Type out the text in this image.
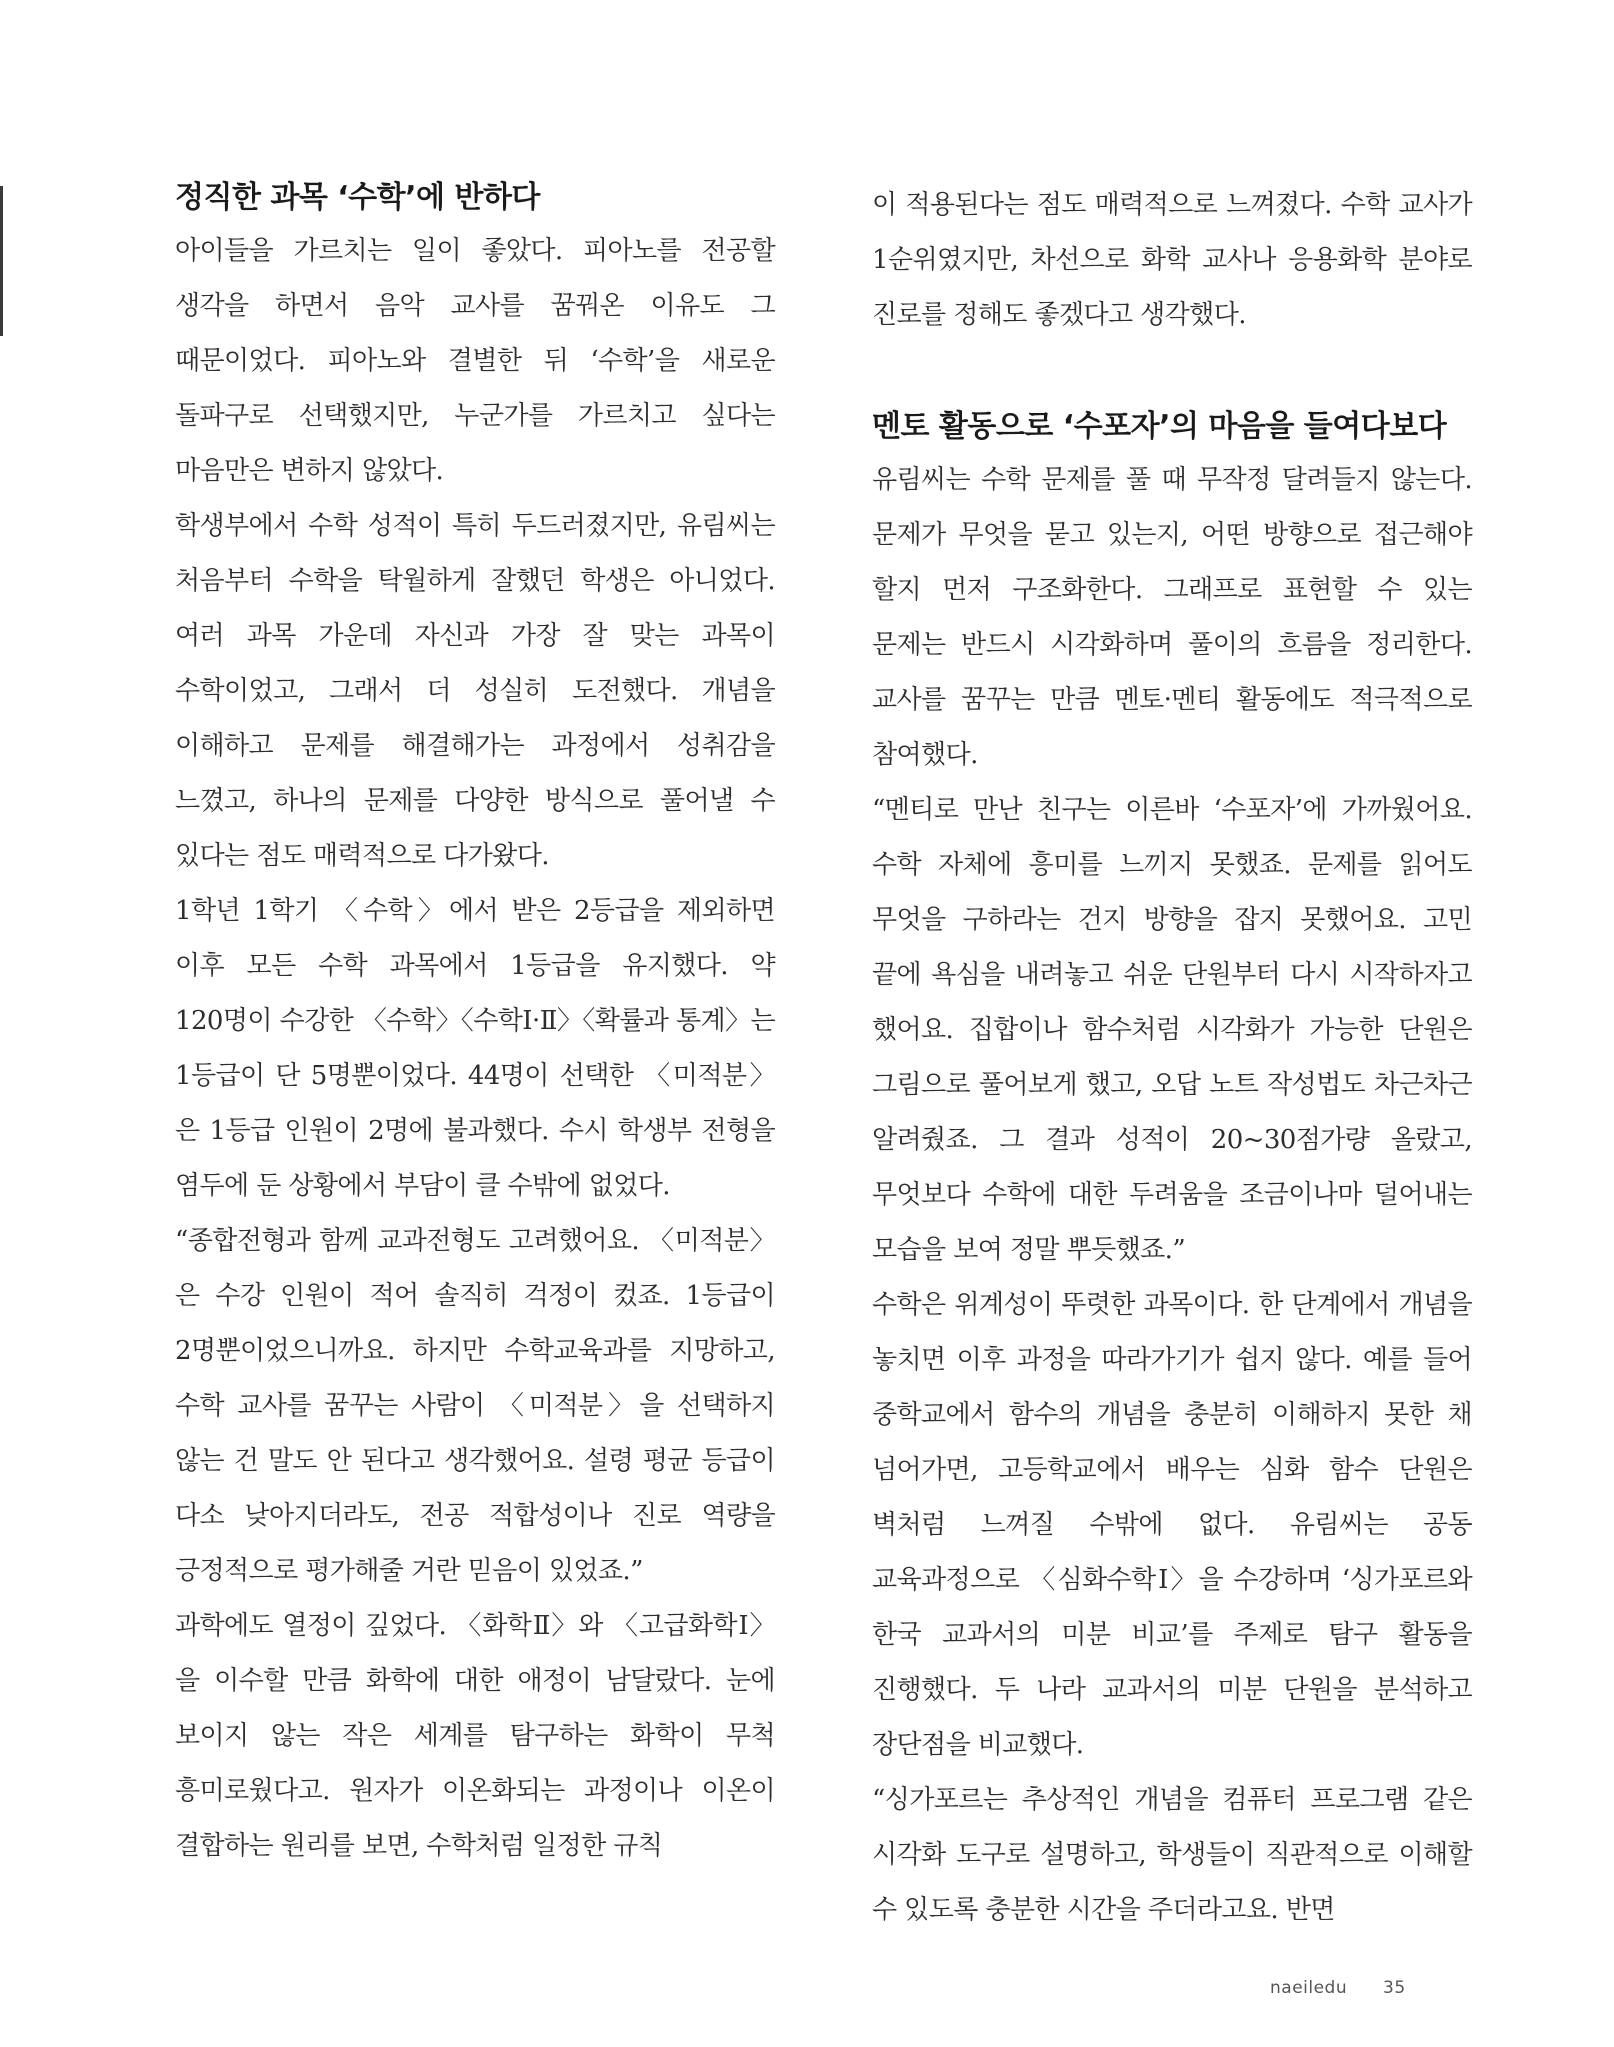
정직한 과목 ‘수학’에 반하다

아이들을 가르치는 일이 좋았다. 피아노를 전공할 생각을 하면서 음악 교사를 꿈꿔온 이유도 그 때문이었다. 피아노와 결별한 뒤 ‘수학’을 새로운 돌파구로 선택했지만, 누군가를 가르치고 싶다는 마음만은 변하지 않았다.

학생부에서 수학 성적이 특히 두드러졌지만, 유림씨는 처음부터 수학을 탁월하게 잘했던 학생은 아니었다. 여러 과목 가운데 자신과 가장 잘 맞는 과목이 수학이었고, 그래서 더 성실히 도전했다. 개념을 이해하고 문제를 해결해가는 과정에서 성취감을 느꼈고, 하나의 문제를 다양한 방식으로 풀어낼 수 있다는 점도 매력적으로 다가왔다.

1학년 1학기 〈수학〉에서 받은 2등급을 제외하면 이후 모든 수학 과목에서 1등급을 유지했다. 약 120명이 수강한 〈수학〉〈수학Ⅰ·Ⅱ〉〈확률과 통계〉는 1등급이 단 5명뿐이었다. 44명이 선택한 〈미적분〉은 1등급 인원이 2명에 불과했다. 수시 학생부 전형을 염두에 둔 상황에서 부담이 클 수밖에 없었다.

“종합전형과 함께 교과전형도 고려했어요. 〈미적분〉은 수강 인원이 적어 솔직히 걱정이 컸죠. 1등급이 2명뿐이었으니까요. 하지만 수학교육과를 지망하고, 수학 교사를 꿈꾸는 사람이 〈미적분〉을 선택하지 않는 건 말도 안 된다고 생각했어요. 설령 평균 등급이 다소 낮아지더라도, 전공 적합성이나 진로 역량을 긍정적으로 평가해줄 거란 믿음이 있었죠.”

과학에도 열정이 깊었다. 〈화학Ⅱ〉와 〈고급화학Ⅰ〉을 이수할 만큼 화학에 대한 애정이 남달랐다. 눈에 보이지 않는 작은 세계를 탐구하는 화학이 무척 흥미로웠다고. 원자가 이온화되는 과정이나 이온이 결합하는 원리를 보면, 수학처럼 일정한 규칙

이 적용된다는 점도 매력적으로 느껴졌다. 수학 교사가 1순위였지만, 차선으로 화학 교사나 응용화학 분야로 진로를 정해도 좋겠다고 생각했다.

멘토 활동으로 ‘수포자’의 마음을 들여다보다

유림씨는 수학 문제를 풀 때 무작정 달려들지 않는다. 문제가 무엇을 묻고 있는지, 어떤 방향으로 접근해야 할지 먼저 구조화한다. 그래프로 표현할 수 있는 문제는 반드시 시각화하며 풀이의 흐름을 정리한다. 교사를 꿈꾸는 만큼 멘토·멘티 활동에도 적극적으로 참여했다.

“멘티로 만난 친구는 이른바 ‘수포자’에 가까웠어요. 수학 자체에 흥미를 느끼지 못했죠. 문제를 읽어도 무엇을 구하라는 건지 방향을 잡지 못했어요. 고민 끝에 욕심을 내려놓고 쉬운 단원부터 다시 시작하자고 했어요. 집합이나 함수처럼 시각화가 가능한 단원은 그림으로 풀어보게 했고, 오답 노트 작성법도 차근차근 알려줬죠. 그 결과 성적이 20~30점가량 올랐고, 무엇보다 수학에 대한 두려움을 조금이나마 덜어내는 모습을 보여 정말 뿌듯했죠.”

수학은 위계성이 뚜렷한 과목이다. 한 단계에서 개념을 놓치면 이후 과정을 따라가기가 쉽지 않다. 예를 들어 중학교에서 함수의 개념을 충분히 이해하지 못한 채 넘어가면, 고등학교에서 배우는 심화 함수 단원은 벽처럼 느껴질 수밖에 없다. 유림씨는 공동 교육과정으로 〈심화수학Ⅰ〉을 수강하며 ‘싱가포르와 한국 교과서의 미분 비교’를 주제로 탐구 활동을 진행했다. 두 나라 교과서의 미분 단원을 분석하고 장단점을 비교했다.

“싱가포르는 추상적인 개념을 컴퓨터 프로그램 같은 시각화 도구로 설명하고, 학생들이 직관적으로 이해할 수 있도록 충분한 시간을 주더라고요. 반면

naeiledu 35
